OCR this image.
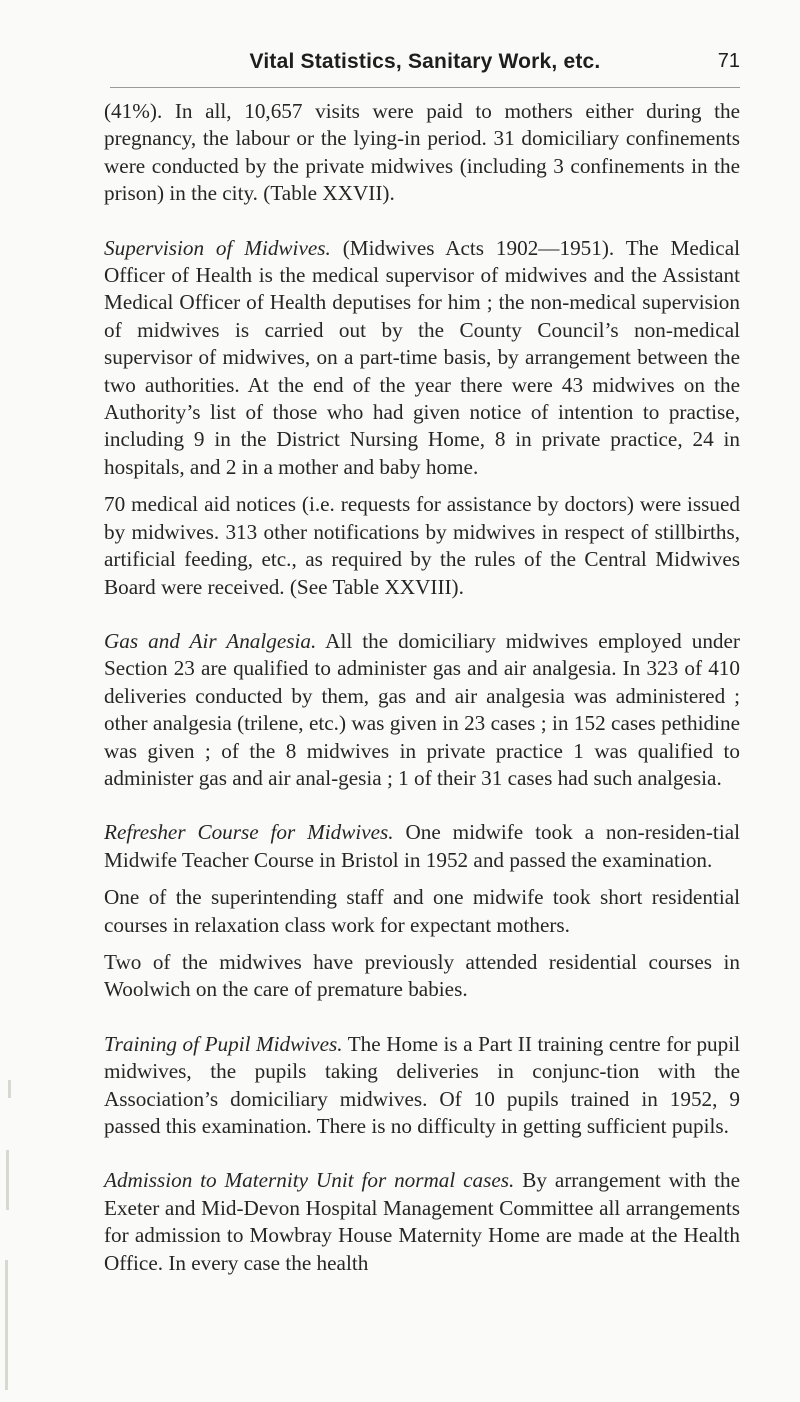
Vital Statistics, Sanitary Work, etc.	71

(41%). In all, 10,657 visits were paid to mothers either during the pregnancy, the labour or the lying-in period. 31 domiciliary confinements were conducted by the private midwives (including 3 confinements in the prison) in the city. (Table XXVII).

Supervision of Midwives. (Midwives Acts 1902—1951). The Medical Officer of Health is the medical supervisor of midwives and the Assistant Medical Officer of Health deputises for him ; the non-medical supervision of midwives is carried out by the County Council’s non-medical supervisor of midwives, on a part-time basis, by arrangement between the two authorities. At the end of the year there were 43 midwives on the Authority’s list of those who had given notice of intention to practise, including 9 in the District Nursing Home, 8 in private practice, 24 in hospitals, and 2 in a mother and baby home.

70 medical aid notices (i.e. requests for assistance by doctors) were issued by midwives. 313 other notifications by midwives in respect of stillbirths, artificial feeding, etc., as required by the rules of the Central Midwives Board were received. (See Table XXVIII).

Gas and Air Analgesia. All the domiciliary midwives employed under Section 23 are qualified to administer gas and air analgesia. In 323 of 410 deliveries conducted by them, gas and air analgesia was administered ; other analgesia (trilene, etc.) was given in 23 cases ; in 152 cases pethidine was given ; of the 8 midwives in private practice 1 was qualified to administer gas and air anal-gesia ; 1 of their 31 cases had such analgesia.

Refresher Course for Midwives. One midwife took a non-residen-tial Midwife Teacher Course in Bristol in 1952 and passed the examination.

One of the superintending staff and one midwife took short residential courses in relaxation class work for expectant mothers.

Two of the midwives have previously attended residential courses in Woolwich on the care of premature babies.

Training of Pupil Midwives. The Home is a Part II training centre for pupil midwives, the pupils taking deliveries in conjunc-tion with the Association’s domiciliary midwives. Of 10 pupils trained in 1952, 9 passed this examination. There is no difficulty in getting sufficient pupils.

Admission to Maternity Unit for normal cases. By arrangement with the Exeter and Mid-Devon Hospital Management Committee all arrangements for admission to Mowbray House Maternity Home are made at the Health Office. In every case the health
